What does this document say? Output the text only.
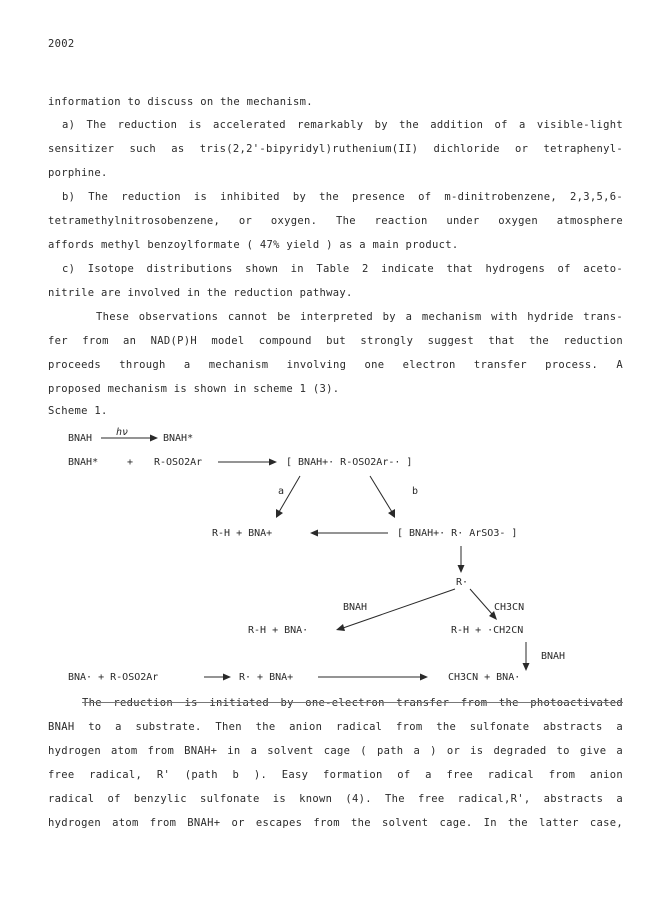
2002
information to discuss on the mechanism.
a) The reduction is accelerated remarkably by the addition of a visible-light
sensitizer such as tris(2,2'-bipyridyl)ruthenium(II) dichloride or tetraphenyl-
porphine.
b) The reduction is inhibited by the presence of m-dinitrobenzene, 2,3,5,6-
tetramethylnitrosobenzene, or oxygen. The reaction under oxygen atmosphere
affords methyl benzoylformate ( 47% yield ) as a main product.
c) Isotope distributions shown in Table 2 indicate that hydrogens of aceto-
nitrile are involved in the reduction pathway.
These observations cannot be interpreted by a mechanism with hydride trans-
fer from an NAD(P)H model compound but strongly suggest that the reduction
proceeds through a mechanism involving one electron transfer process. A
proposed mechanism is shown in scheme 1 (3).
Scheme 1.
BNAH
hν
BNAH*
BNAH*	+ R-OSO2Ar	[ BNAH+· R-OSO2Ar-· ]
a	b
R-H + BNA+	[ BNAH+· R· ArSO3- ]
R·
BNAH	CH3CN
R-H + BNA·	R-H + ·CH2CN
BNAH
BNA· + R-OSO2Ar	R· + BNA+	CH3CN + BNA·
The reduction is initiated by one-electron transfer from the photoactivated
BNAH to a substrate. Then the anion radical from the sulfonate abstracts a
hydrogen atom from BNAH+ in a solvent cage ( path a ) or is degraded to give a
free radical, R' (path b ). Easy formation of a free radical from anion
radical of benzylic sulfonate is known (4). The free radical,R', abstracts a
hydrogen atom from BNAH+ or escapes from the solvent cage. In the latter case,
